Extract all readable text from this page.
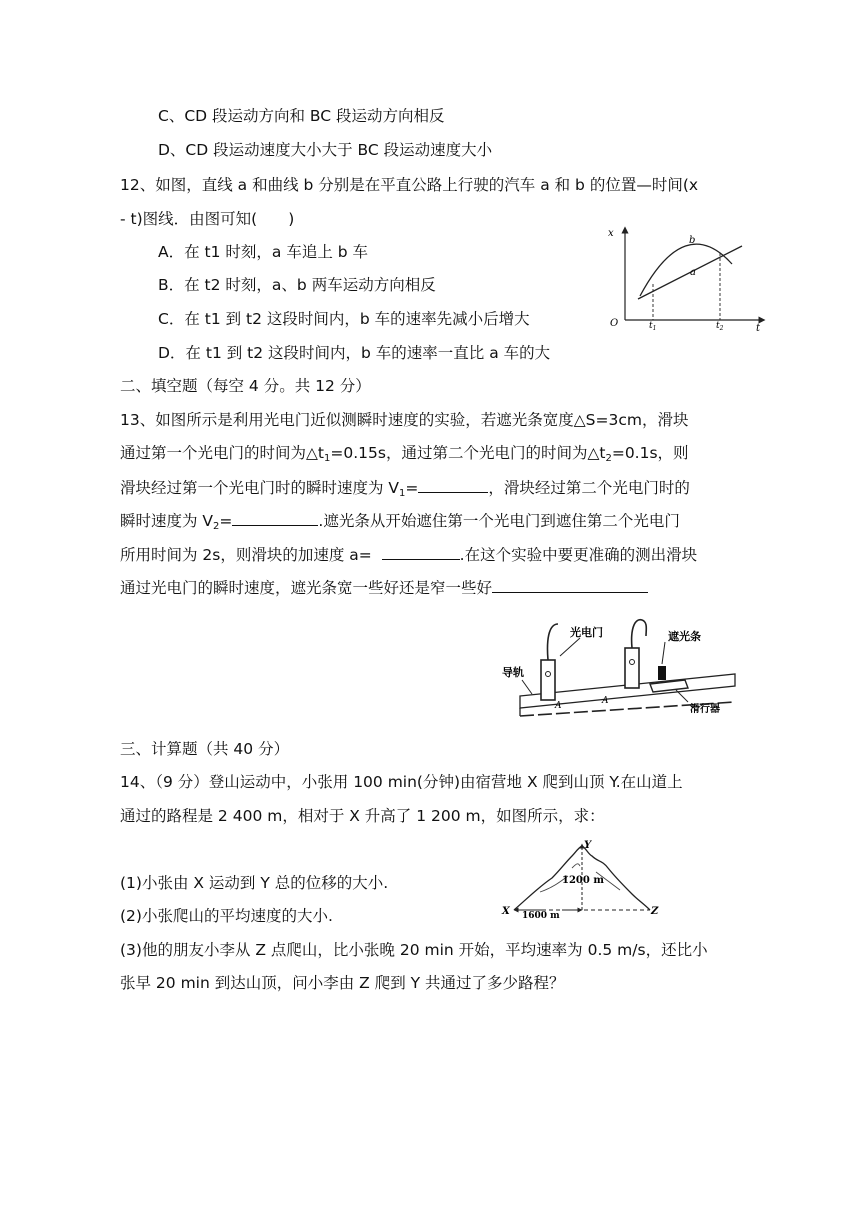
C、CD 段运动方向和 BC 段运动方向相反
D、CD 段运动速度大小大于 BC 段运动速度大小
12、如图，直线 a 和曲线 b 分别是在平直公路上行驶的汽车 a 和 b 的位置—时间(x
- t)图线．由图可知(　　)
A．在 t1 时刻，a 车追上 b 车
B．在 t2 时刻，a、b 两车运动方向相反
C．在 t1 到 t2 这段时间内，b 车的速率先减小后增大
D．在 t1 到 t2 这段时间内，b 车的速率一直比 a 车的大
x
t
O	$t_1$	$t_2$
a
b
二、填空题（每空 4 分。共 12 分）
13、如图所示是利用光电门近似测瞬时速度的实验，若遮光条宽度△S=3cm，滑块
通过第一个光电门的时间为$\triangle t_1=0.15s$，通过第二个光电门的时间为$\triangle t_2=0.1s$，则
滑块经过第一个光电门时的瞬时速度为 $V_1=$	，滑块经过第二个光电门时的
瞬时速度为 $V_2=$	.遮光条从开始遮住第一个光电门到遮住第二个光电门
所用时间为 2s，则滑块的加速度 a=	.在这个实验中要更准确的测出滑块
通过光电门的瞬时速度，遮光条宽一些好还是窄一些好
光电门	遮光条
导轨
滑行器
A	A
三、计算题（共 40 分）
14、（9 分）登山运动中，小张用 100 min(分钟)由宿营地 X 爬到山顶 Y.在山道上
通过的路程是 2 400 m，相对于 X 升高了 1 200 m，如图所示，求：
(1)小张由 X 运动到 Y 总的位移的大小.
(2)小张爬山的平均速度的大小.
(3)他的朋友小李从 Z 点爬山，比小张晚 20 min 开始，平均速率为 0.5 m/s，还比小
张早 20 min 到达山顶，问小李由 Z 爬到 Y 共通过了多少路程？
Y
X	Z
1200 m
1600 m
